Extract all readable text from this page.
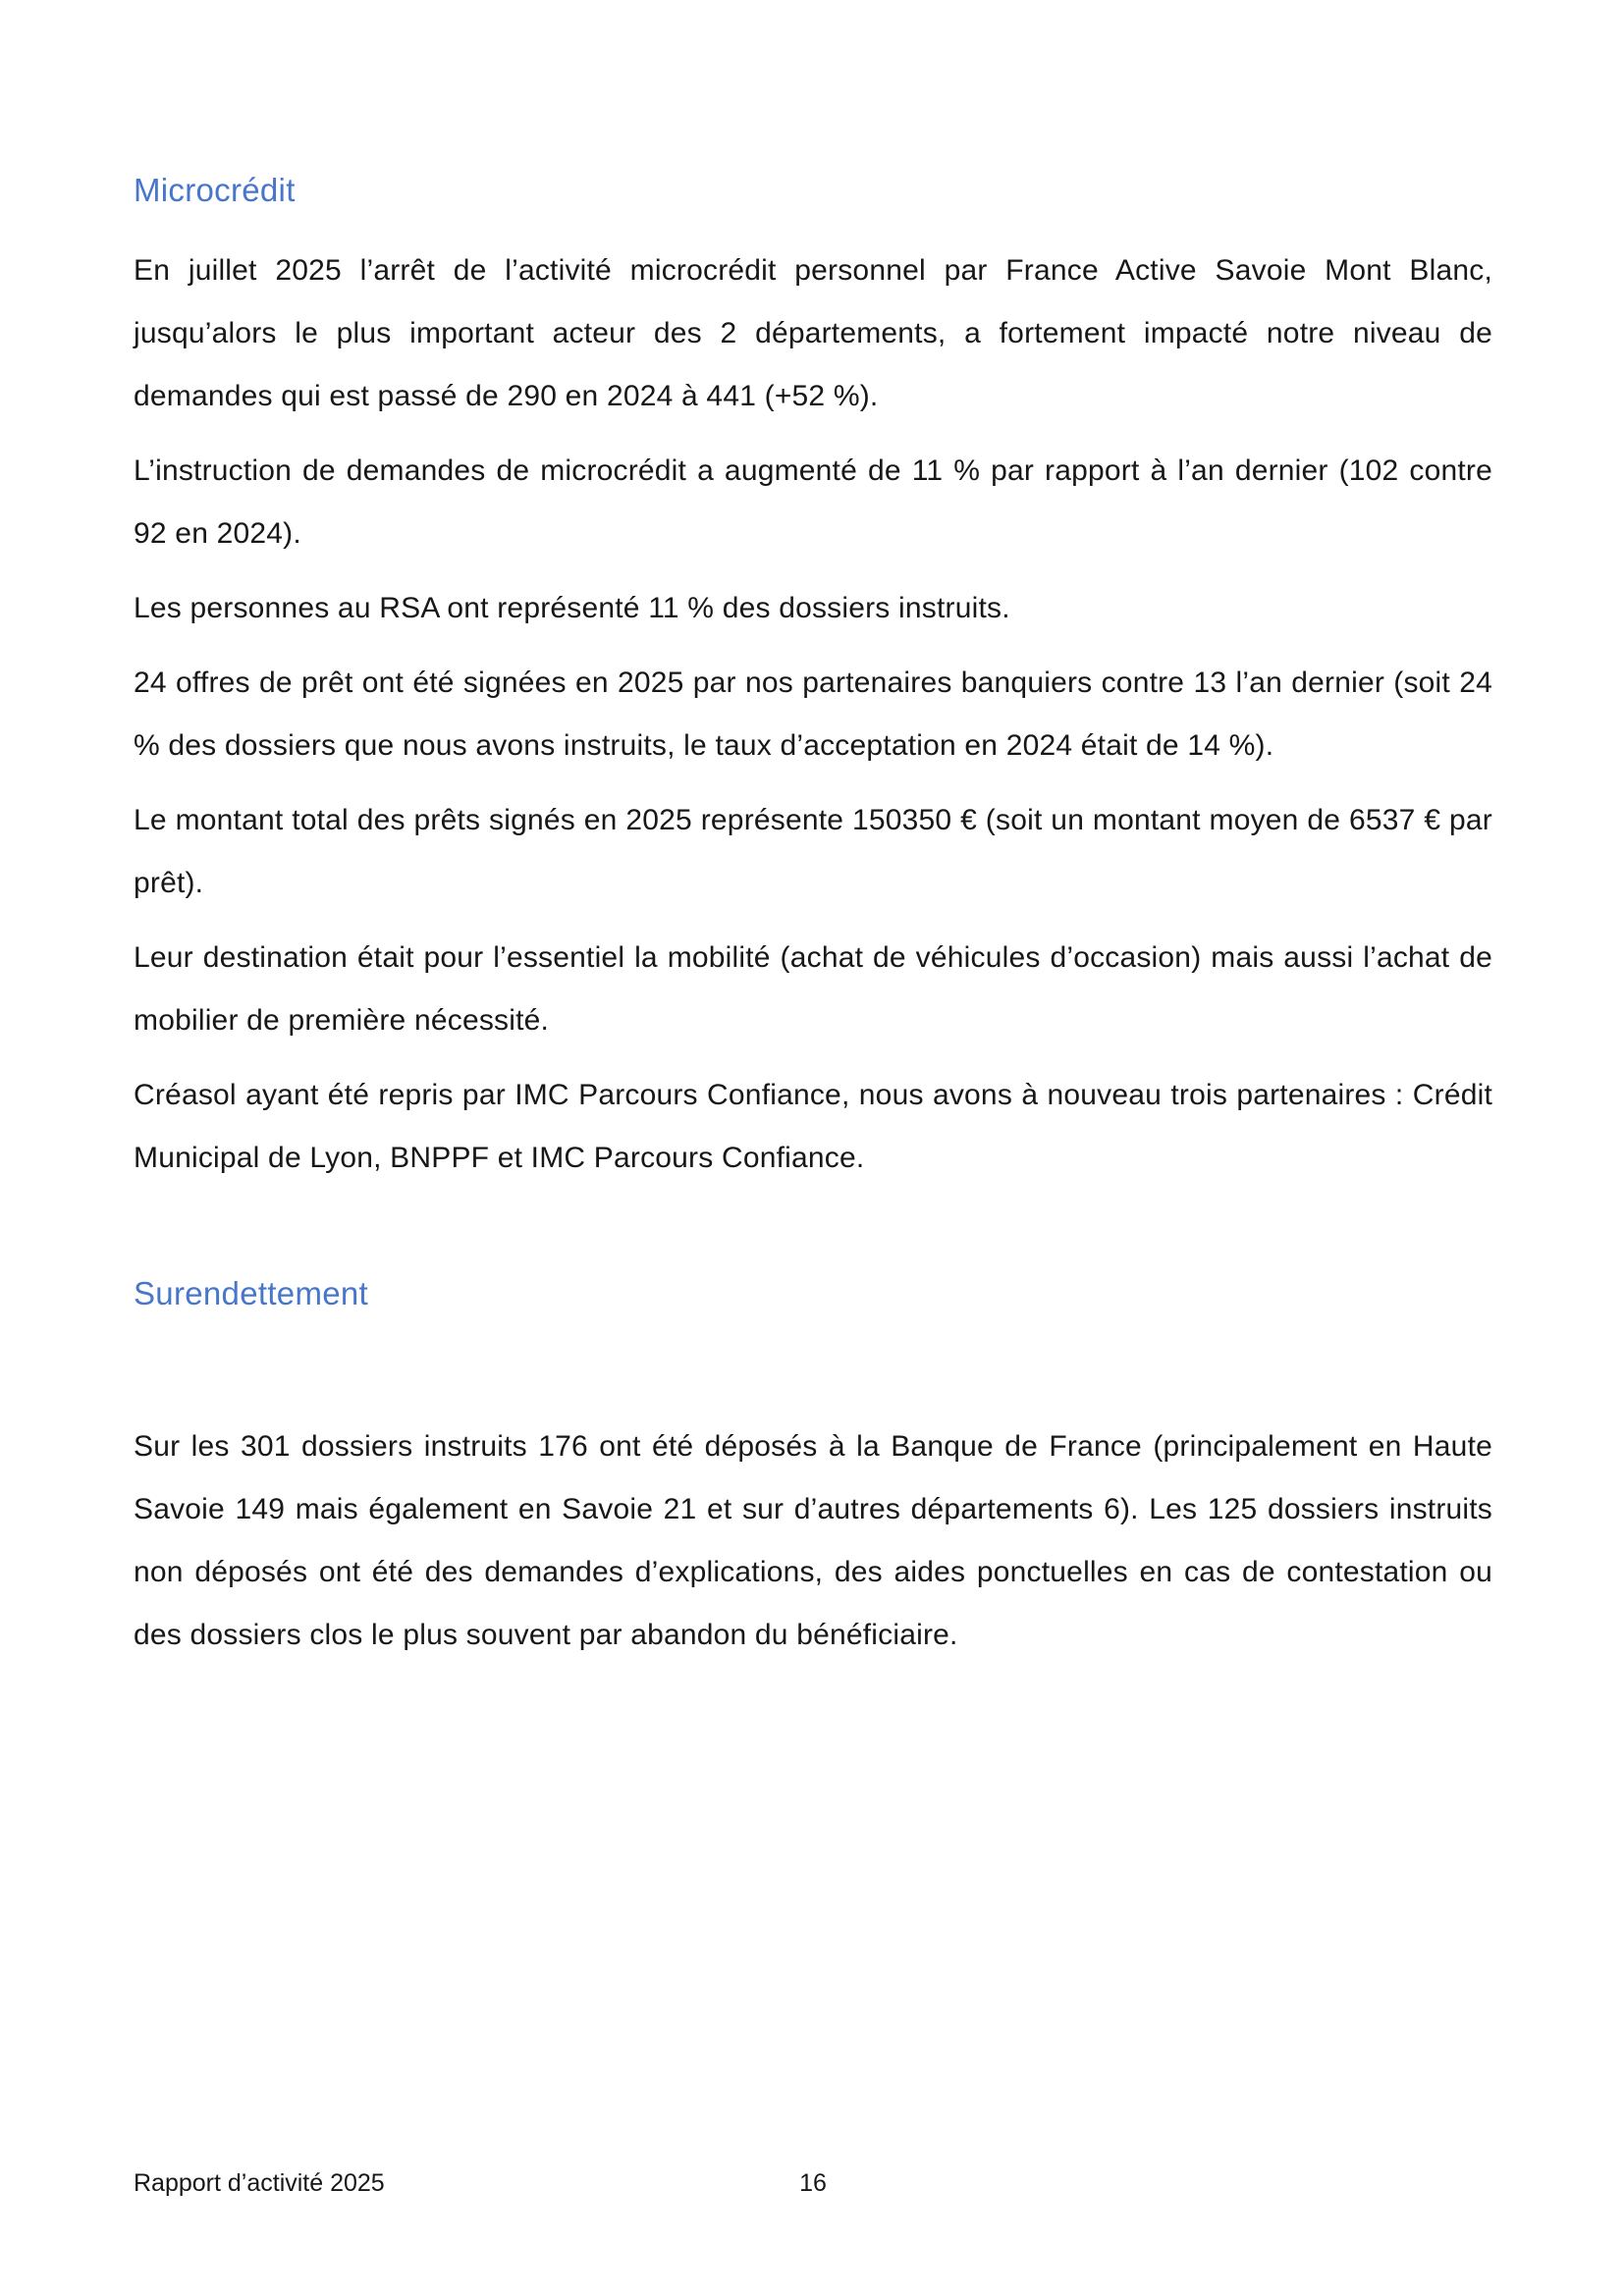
Microcrédit

En juillet 2025 l’arrêt de l’activité microcrédit personnel par France Active Savoie Mont Blanc, jusqu’alors le plus important acteur des 2 départements, a fortement impacté notre niveau de demandes qui est passé de 290 en 2024 à 441 (+52 %).

L’instruction de demandes de microcrédit a augmenté de 11 % par rapport à l’an dernier (102 contre 92 en 2024).

Les personnes au RSA ont représenté 11 % des dossiers instruits.

24 offres de prêt ont été signées en 2025 par nos partenaires banquiers contre 13 l’an dernier (soit 24 % des dossiers que nous avons instruits, le taux d’acceptation en 2024 était de 14 %).

Le montant total des prêts signés en 2025 représente 150350 € (soit un montant moyen de 6537 € par prêt).

Leur destination était pour l’essentiel la mobilité (achat de véhicules d’occasion) mais aussi l’achat de mobilier de première nécessité.

Créasol ayant été repris par IMC Parcours Confiance, nous avons à nouveau trois partenaires : Crédit Municipal de Lyon, BNPPF et IMC Parcours Confiance.

Surendettement

Sur les 301 dossiers instruits 176 ont été déposés à la Banque de France (principalement en Haute Savoie 149 mais également en Savoie 21 et sur d’autres départements 6). Les 125 dossiers instruits non déposés ont été des demandes d’explications, des aides ponctuelles en cas de contestation ou des dossiers clos le plus souvent par abandon du bénéficiaire.

Rapport d’activité 2025	16
